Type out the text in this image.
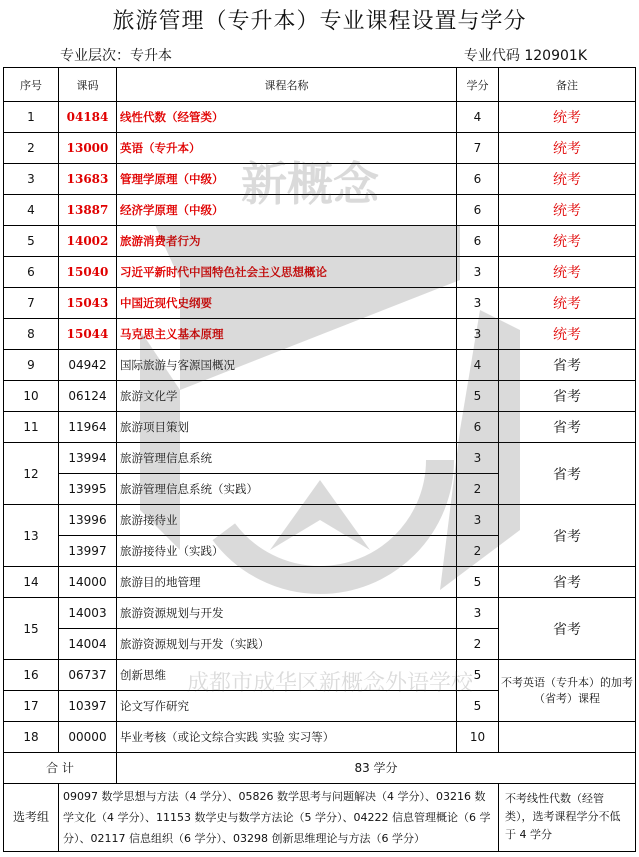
旅游管理（专升本）专业课程设置与学分
专业层次：专升本	专业代码 120901K
序号	课码	课程名称	学分	备注
1	04184	线性代数（经管类）	4	统考
2	13000	英语（专升本）	7	统考
3	13683	管理学原理（中级）	6	统考
4	13887	经济学原理（中级）	6	统考
5	14002	旅游消费者行为	6	统考
6	15040	习近平新时代中国特色社会主义思想概论	3	统考
7	15043	中国近现代史纲要	3	统考
8	15044	马克思主义基本原理	3	统考
9	04942	国际旅游与客源国概况	4	省考
10	06124	旅游文化学	5	省考
11	11964	旅游项目策划	6	省考
12	13994	旅游管理信息系统	3	省考
	13995	旅游管理信息系统（实践）	2	
13	13996	旅游接待业	3	省考
	13997	旅游接待业（实践）	2	
14	14000	旅游目的地管理	5	省考
15	14003	旅游资源规划与开发	3	省考
	14004	旅游资源规划与开发（实践）	2	
16	06737	创新思维	5	不考英语（专升本）的加考（省考）课程
17	10397	论文写作研究	5	
18	00000	毕业考核（或论文综合实践 实验 实习等）	10	
合 计		83 学分		
选考组	09097 数学思想与方法（4 学分）、05826 数学思考与问题解决（4 学分）、03216 数学文化（4 学分）、11153 数学史与数学方法论（5 学分）、04222 信息管理概论（6 学分）、02117 信息组织（6 学分）、03298 创新思维理论与方法（6 学分）			不考线性代数（经管类），选考课程学分不低于 4 学分
新概念
成都市成华区新概念外语学校
